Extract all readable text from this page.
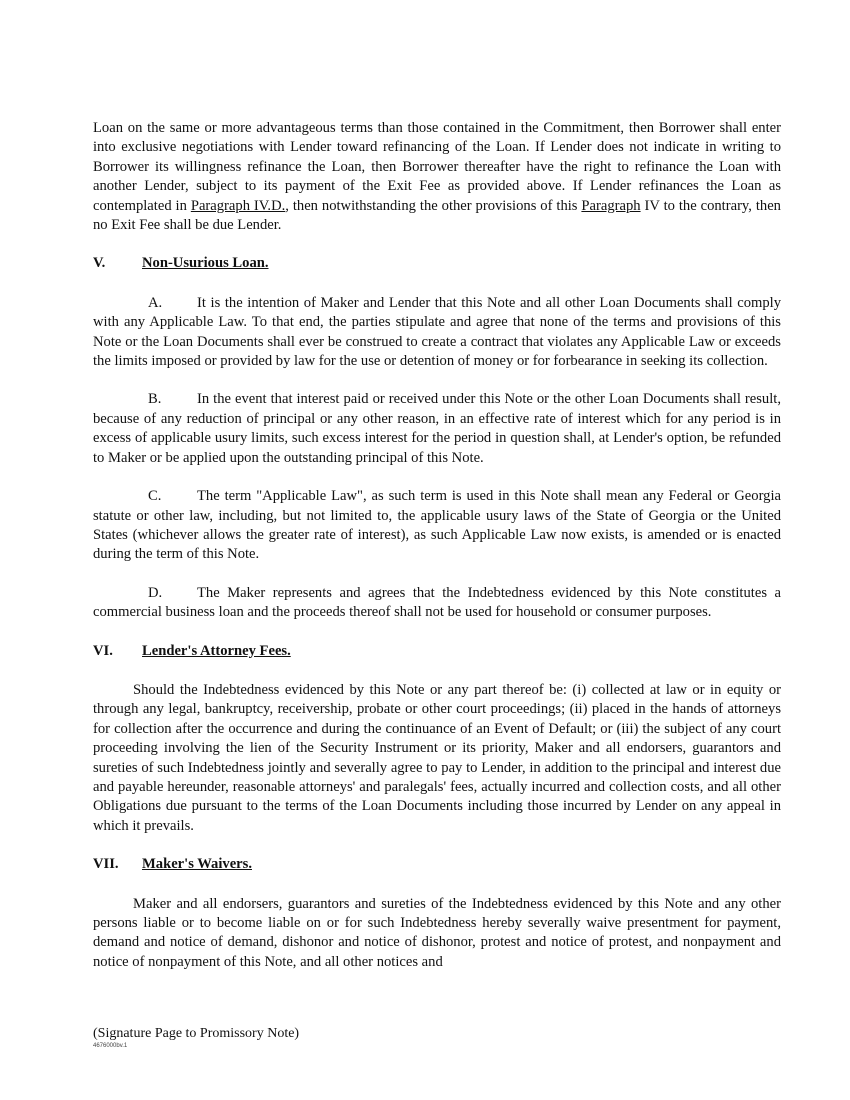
Loan on the same or more advantageous terms than those contained in the Commitment, then Borrower shall enter into exclusive negotiations with Lender toward refinancing of the Loan. If Lender does not indicate in writing to Borrower its willingness refinance the Loan, then Borrower thereafter have the right to refinance the Loan with another Lender, subject to its payment of the Exit Fee as provided above. If Lender refinances the Loan as contemplated in Paragraph IV.D., then notwithstanding the other provisions of this Paragraph IV to the contrary, then no Exit Fee shall be due Lender.

V.	Non-Usurious Loan.

A. It is the intention of Maker and Lender that this Note and all other Loan Documents shall comply with any Applicable Law. To that end, the parties stipulate and agree that none of the terms and provisions of this Note or the Loan Documents shall ever be construed to create a contract that violates any Applicable Law or exceeds the limits imposed or provided by law for the use or detention of money or for forbearance in seeking its collection.

B. In the event that interest paid or received under this Note or the other Loan Documents shall result, because of any reduction of principal or any other reason, in an effective rate of interest which for any period is in excess of applicable usury limits, such excess interest for the period in question shall, at Lender's option, be refunded to Maker or be applied upon the outstanding principal of this Note.

C. The term "Applicable Law", as such term is used in this Note shall mean any Federal or Georgia statute or other law, including, but not limited to, the applicable usury laws of the State of Georgia or the United States (whichever allows the greater rate of interest), as such Applicable Law now exists, is amended or is enacted during the term of this Note.

D. The Maker represents and agrees that the Indebtedness evidenced by this Note constitutes a commercial business loan and the proceeds thereof shall not be used for household or consumer purposes.

VI.	Lender's Attorney Fees.

Should the Indebtedness evidenced by this Note or any part thereof be: (i) collected at law or in equity or through any legal, bankruptcy, receivership, probate or other court proceedings; (ii) placed in the hands of attorneys for collection after the occurrence and during the continuance of an Event of Default; or (iii) the subject of any court proceeding involving the lien of the Security Instrument or its priority, Maker and all endorsers, guarantors and sureties of such Indebtedness jointly and severally agree to pay to Lender, in addition to the principal and interest due and payable hereunder, reasonable attorneys' and paralegals' fees, actually incurred and collection costs, and all other Obligations due pursuant to the terms of the Loan Documents including those incurred by Lender on any appeal in which it prevails.

VII.	Maker's Waivers.

Maker and all endorsers, guarantors and sureties of the Indebtedness evidenced by this Note and any other persons liable or to become liable on or for such Indebtedness hereby severally waive presentment for payment, demand and notice of demand, dishonor and notice of dishonor, protest and notice of protest, and nonpayment and notice of nonpayment of this Note, and all other notices and

(Signature Page to Promissory Note)
4676000bv.1
